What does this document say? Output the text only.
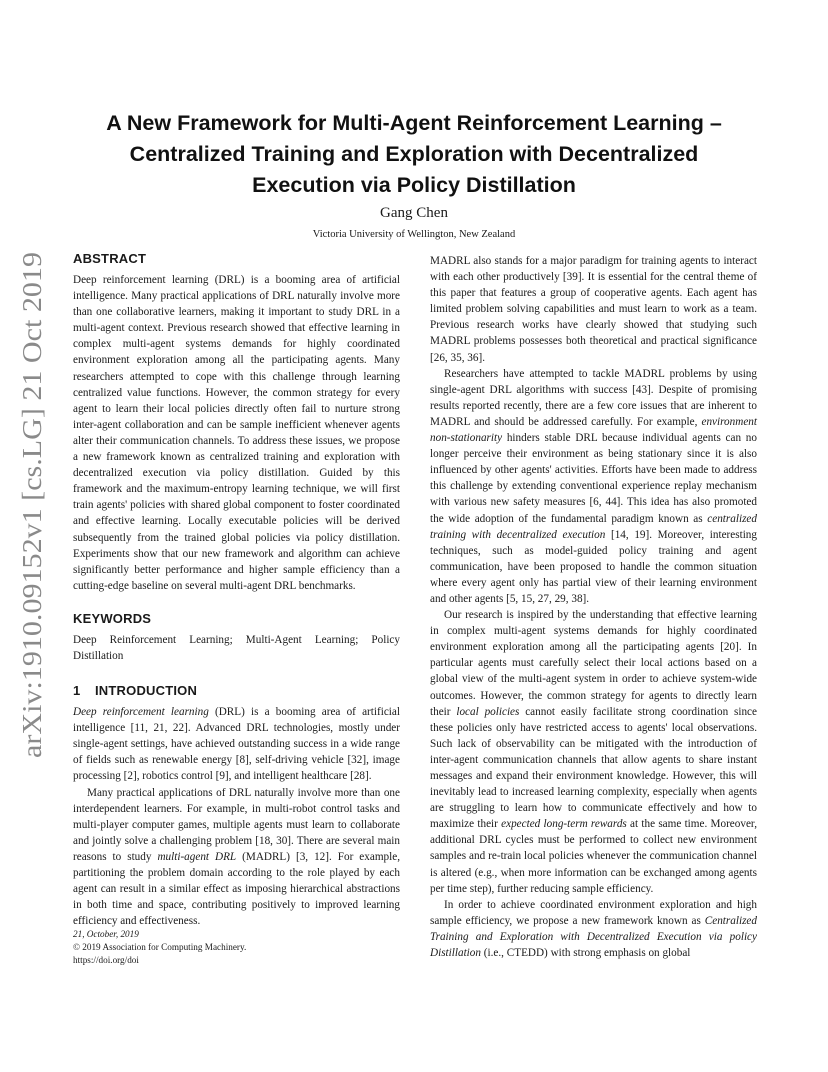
arXiv:1910.09152v1 [cs.LG] 21 Oct 2019
A New Framework for Multi-Agent Reinforcement Learning –
Centralized Training and Exploration with Decentralized
Execution via Policy Distillation
Gang Chen
Victoria University of Wellington, New Zealand
ABSTRACT

Deep reinforcement learning (DRL) is a booming area of artificial intelligence. Many practical applications of DRL naturally involve more than one collaborative learners, making it important to study DRL in a multi-agent context. Previous research showed that effective learning in complex multi-agent systems demands for highly coordinated environment exploration among all the participating agents. Many researchers attempted to cope with this challenge through learning centralized value functions. However, the common strategy for every agent to learn their local policies directly often fail to nurture strong inter-agent collaboration and can be sample inefficient whenever agents alter their communication channels. To address these issues, we propose a new framework known as centralized training and exploration with decentralized execution via policy distillation. Guided by this framework and the maximum-entropy learning technique, we will first train agents' policies with shared global component to foster coordinated and effective learning. Locally executable policies will be derived subsequently from the trained global policies via policy distillation. Experiments show that our new framework and algorithm can achieve significantly better performance and higher sample efficiency than a cutting-edge baseline on several multi-agent DRL benchmarks.

KEYWORDS

Deep Reinforcement Learning; Multi-Agent Learning; Policy Distillation

1 INTRODUCTION

Deep reinforcement learning (DRL) is a booming area of artificial intelligence [11, 21, 22]. Advanced DRL technologies, mostly under single-agent settings, have achieved outstanding success in a wide range of fields such as renewable energy [8], self-driving vehicle [32], image processing [2], robotics control [9], and intelligent healthcare [28].

Many practical applications of DRL naturally involve more than one interdependent learners. For example, in multi-robot control tasks and multi-player computer games, multiple agents must learn to collaborate and jointly solve a challenging problem [18, 30]. There are several main reasons to study multi-agent DRL (MADRL) [3, 12]. For example, partitioning the problem domain according to the role played by each agent can result in a similar effect as imposing hierarchical abstractions in both time and space, contributing positively to improved learning efficiency and effectiveness.

MADRL also stands for a major paradigm for training agents to interact with each other productively [39]. It is essential for the central theme of this paper that features a group of cooperative agents. Each agent has limited problem solving capabilities and must learn to work as a team. Previous research works have clearly showed that studying such MADRL problems possesses both theoretical and practical significance [26, 35, 36].

Researchers have attempted to tackle MADRL problems by using single-agent DRL algorithms with success [43]. Despite of promising results reported recently, there are a few core issues that are inherent to MADRL and should be addressed carefully. For example, environment non-stationarity hinders stable DRL because individual agents can no longer perceive their environment as being stationary since it is also influenced by other agents' activities. Efforts have been made to address this challenge by extending conventional experience replay mechanism with various new safety measures [6, 44]. This idea has also promoted the wide adoption of the fundamental paradigm known as centralized training with decentralized execution [14, 19]. Moreover, interesting techniques, such as model-guided policy training and agent communication, have been proposed to handle the common situation where every agent only has partial view of their learning environment and other agents [5, 15, 27, 29, 38].

Our research is inspired by the understanding that effective learning in complex multi-agent systems demands for highly coordinated environment exploration among all the participating agents [20]. In particular agents must carefully select their local actions based on a global view of the multi-agent system in order to achieve system-wide outcomes. However, the common strategy for agents to directly learn their local policies cannot easily facilitate strong coordination since these policies only have restricted access to agents' local observations. Such lack of observability can be mitigated with the introduction of inter-agent communication channels that allow agents to share instant messages and expand their environment knowledge. However, this will inevitably lead to increased learning complexity, especially when agents are struggling to learn how to communicate effectively and how to maximize their expected long-term rewards at the same time. Moreover, additional DRL cycles must be performed to collect new environment samples and re-train local policies whenever the communication channel is altered (e.g., when more information can be exchanged among agents per time step), further reducing sample efficiency.

In order to achieve coordinated environment exploration and high sample efficiency, we propose a new framework known as Centralized Training and Exploration with Decentralized Execution via policy Distillation (i.e., CTEDD) with strong emphasis on global

21, October, 2019
© 2019 Association for Computing Machinery.
https://doi.org/doi
